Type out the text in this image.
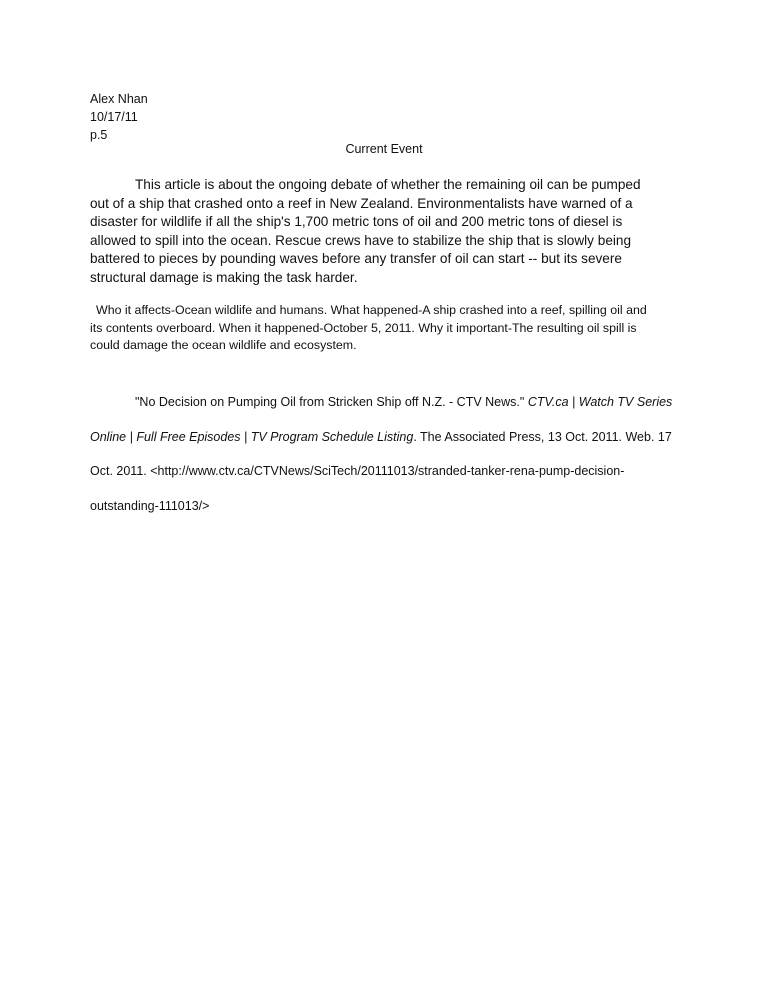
Alex Nhan
10/17/11
p.5
Current Event

This article is about the ongoing debate of whether the remaining oil can be pumped
out of a ship that crashed onto a reef in New Zealand. Environmentalists have warned of a
disaster for wildlife if all the ship's 1,700 metric tons of oil and 200 metric tons of diesel is
allowed to spill into the ocean. Rescue crews have to stabilize the ship that is slowly being
battered to pieces by pounding waves before any transfer of oil can start -- but its severe
structural damage is making the task harder.

Who it affects-Ocean wildlife and humans. What happened-A ship crashed into a reef, spilling oil and
its contents overboard. When it happened-October 5, 2011. Why it important-The resulting oil spill is
could damage the ocean wildlife and ecosystem.

"No Decision on Pumping Oil from Stricken Ship off N.Z. - CTV News." CTV.ca | Watch TV Series
Online | Full Free Episodes | TV Program Schedule Listing. The Associated Press, 13 Oct. 2011. Web. 17
Oct. 2011. <http://www.ctv.ca/CTVNews/SciTech/20111013/stranded-tanker-rena-pump-decision-
outstanding-111013/>
